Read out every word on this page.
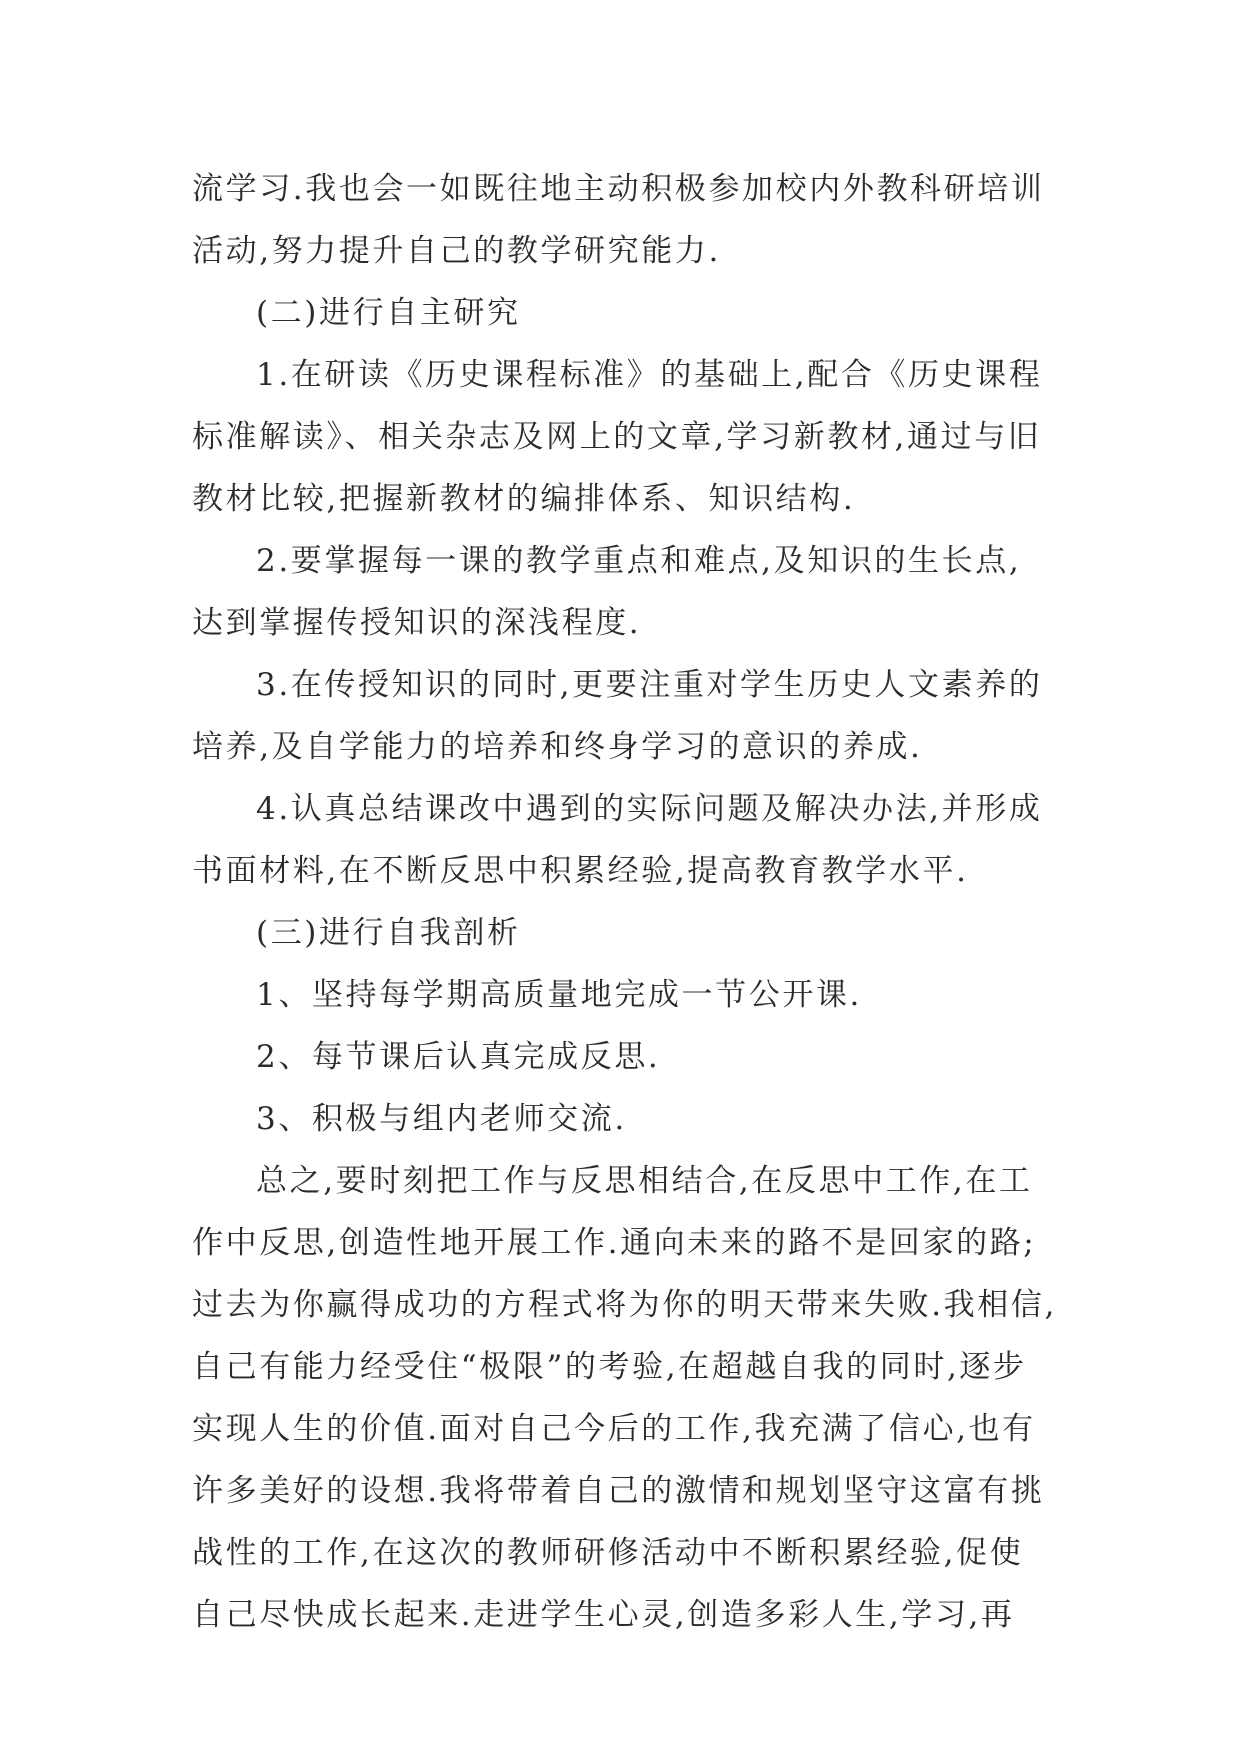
流学习.我也会一如既往地主动积极参加校内外教科研培训
活动,努力提升自己的教学研究能力.
(二)进行自主研究
1.在研读《历史课程标准》的基础上,配合《历史课程
标准解读》、相关杂志及网上的文章,学习新教材,通过与旧
教材比较,把握新教材的编排体系、知识结构.
2.要掌握每一课的教学重点和难点,及知识的生长点,
达到掌握传授知识的深浅程度.
3.在传授知识的同时,更要注重对学生历史人文素养的
培养,及自学能力的培养和终身学习的意识的养成.
4.认真总结课改中遇到的实际问题及解决办法,并形成
书面材料,在不断反思中积累经验,提高教育教学水平.
(三)进行自我剖析
1、坚持每学期高质量地完成一节公开课.
2、每节课后认真完成反思.
3、积极与组内老师交流.
总之,要时刻把工作与反思相结合,在反思中工作,在工
作中反思,创造性地开展工作.通向未来的路不是回家的路;
过去为你赢得成功的方程式将为你的明天带来失败.我相信,
自己有能力经受住“极限”的考验,在超越自我的同时,逐步
实现人生的价值.面对自己今后的工作,我充满了信心,也有
许多美好的设想.我将带着自己的激情和规划坚守这富有挑
战性的工作,在这次的教师研修活动中不断积累经验,促使
自己尽快成长起来.走进学生心灵,创造多彩人生,学习,再
